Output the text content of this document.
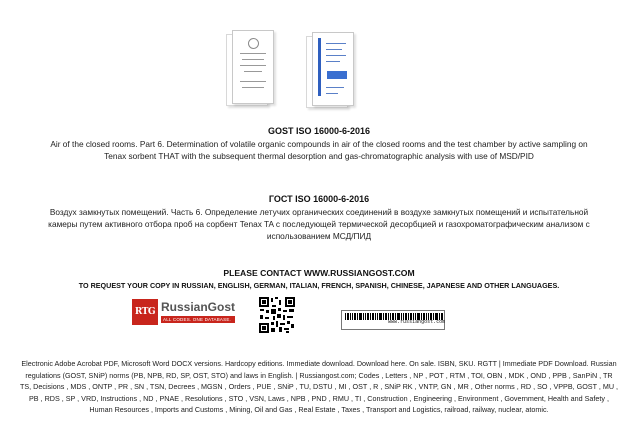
GOST ISO 16000-6-2016
Air of the closed rooms. Part 6. Determination of volatile organic compounds in air of the closed rooms and the test chamber by active sampling on Tenax sorbent THAT with the subsequent thermal desorption and gas-chromatographic analysis with use of MSD/PID
ГОСТ ISO 16000-6-2016
Воздух замкнутых помещений. Часть 6. Определение летучих органических соединений в воздухе замкнутых помещений и испытательной камеры путем активного отбора проб на сорбент Tenax TA с последующей термической десорбцией и газохроматографическим анализом с использованием МСД/ПИД
PLEASE CONTACT WWW.RUSSIANGOST.COM
TO REQUEST YOUR COPY IN RUSSIAN, ENGLISH, GERMAN, ITALIAN, FRENCH, SPANISH, CHINESE, JAPANESE AND OTHER LANGUAGES.
RTG RussianGost
ALL CODES. ONE DATABASE.	www.russiangost.com
Electronic Adobe Acrobat PDF, Microsoft Word DOCX versions. Hardcopy editions. Immediate download. Download here. On sale. ISBN, SKU. RGTT | Immediate PDF Download. Russian regulations (GOST, SNiP) norms (PB, NPB, RD, SP, OST, STO) and laws in English. | Russiangost.com; Codes , Letters , NP , POT , RTM , TOI, OBN , MDK , OND , PPB , SanPiN , TR TS, Decisions , MDS , ONTP , PR , SN , TSN, Decrees , MGSN , Orders , PUE , SNiP , TU, DSTU , MI , OST , R , SNiP RK , VNTP, GN , MR , Other norms , RD , SO , VPPB, GOST , MU , PB , RDS , SP , VRD, Instructions , ND , PNAE , Resolutions , STO , VSN, Laws , NPB , PND , RMU , TI , Construction , Engineering , Environment , Government, Health and Safety , Human Resources , Imports and Customs , Mining, Oil and Gas , Real Estate , Taxes , Transport and Logistics, railroad, railway, nuclear, atomic.
